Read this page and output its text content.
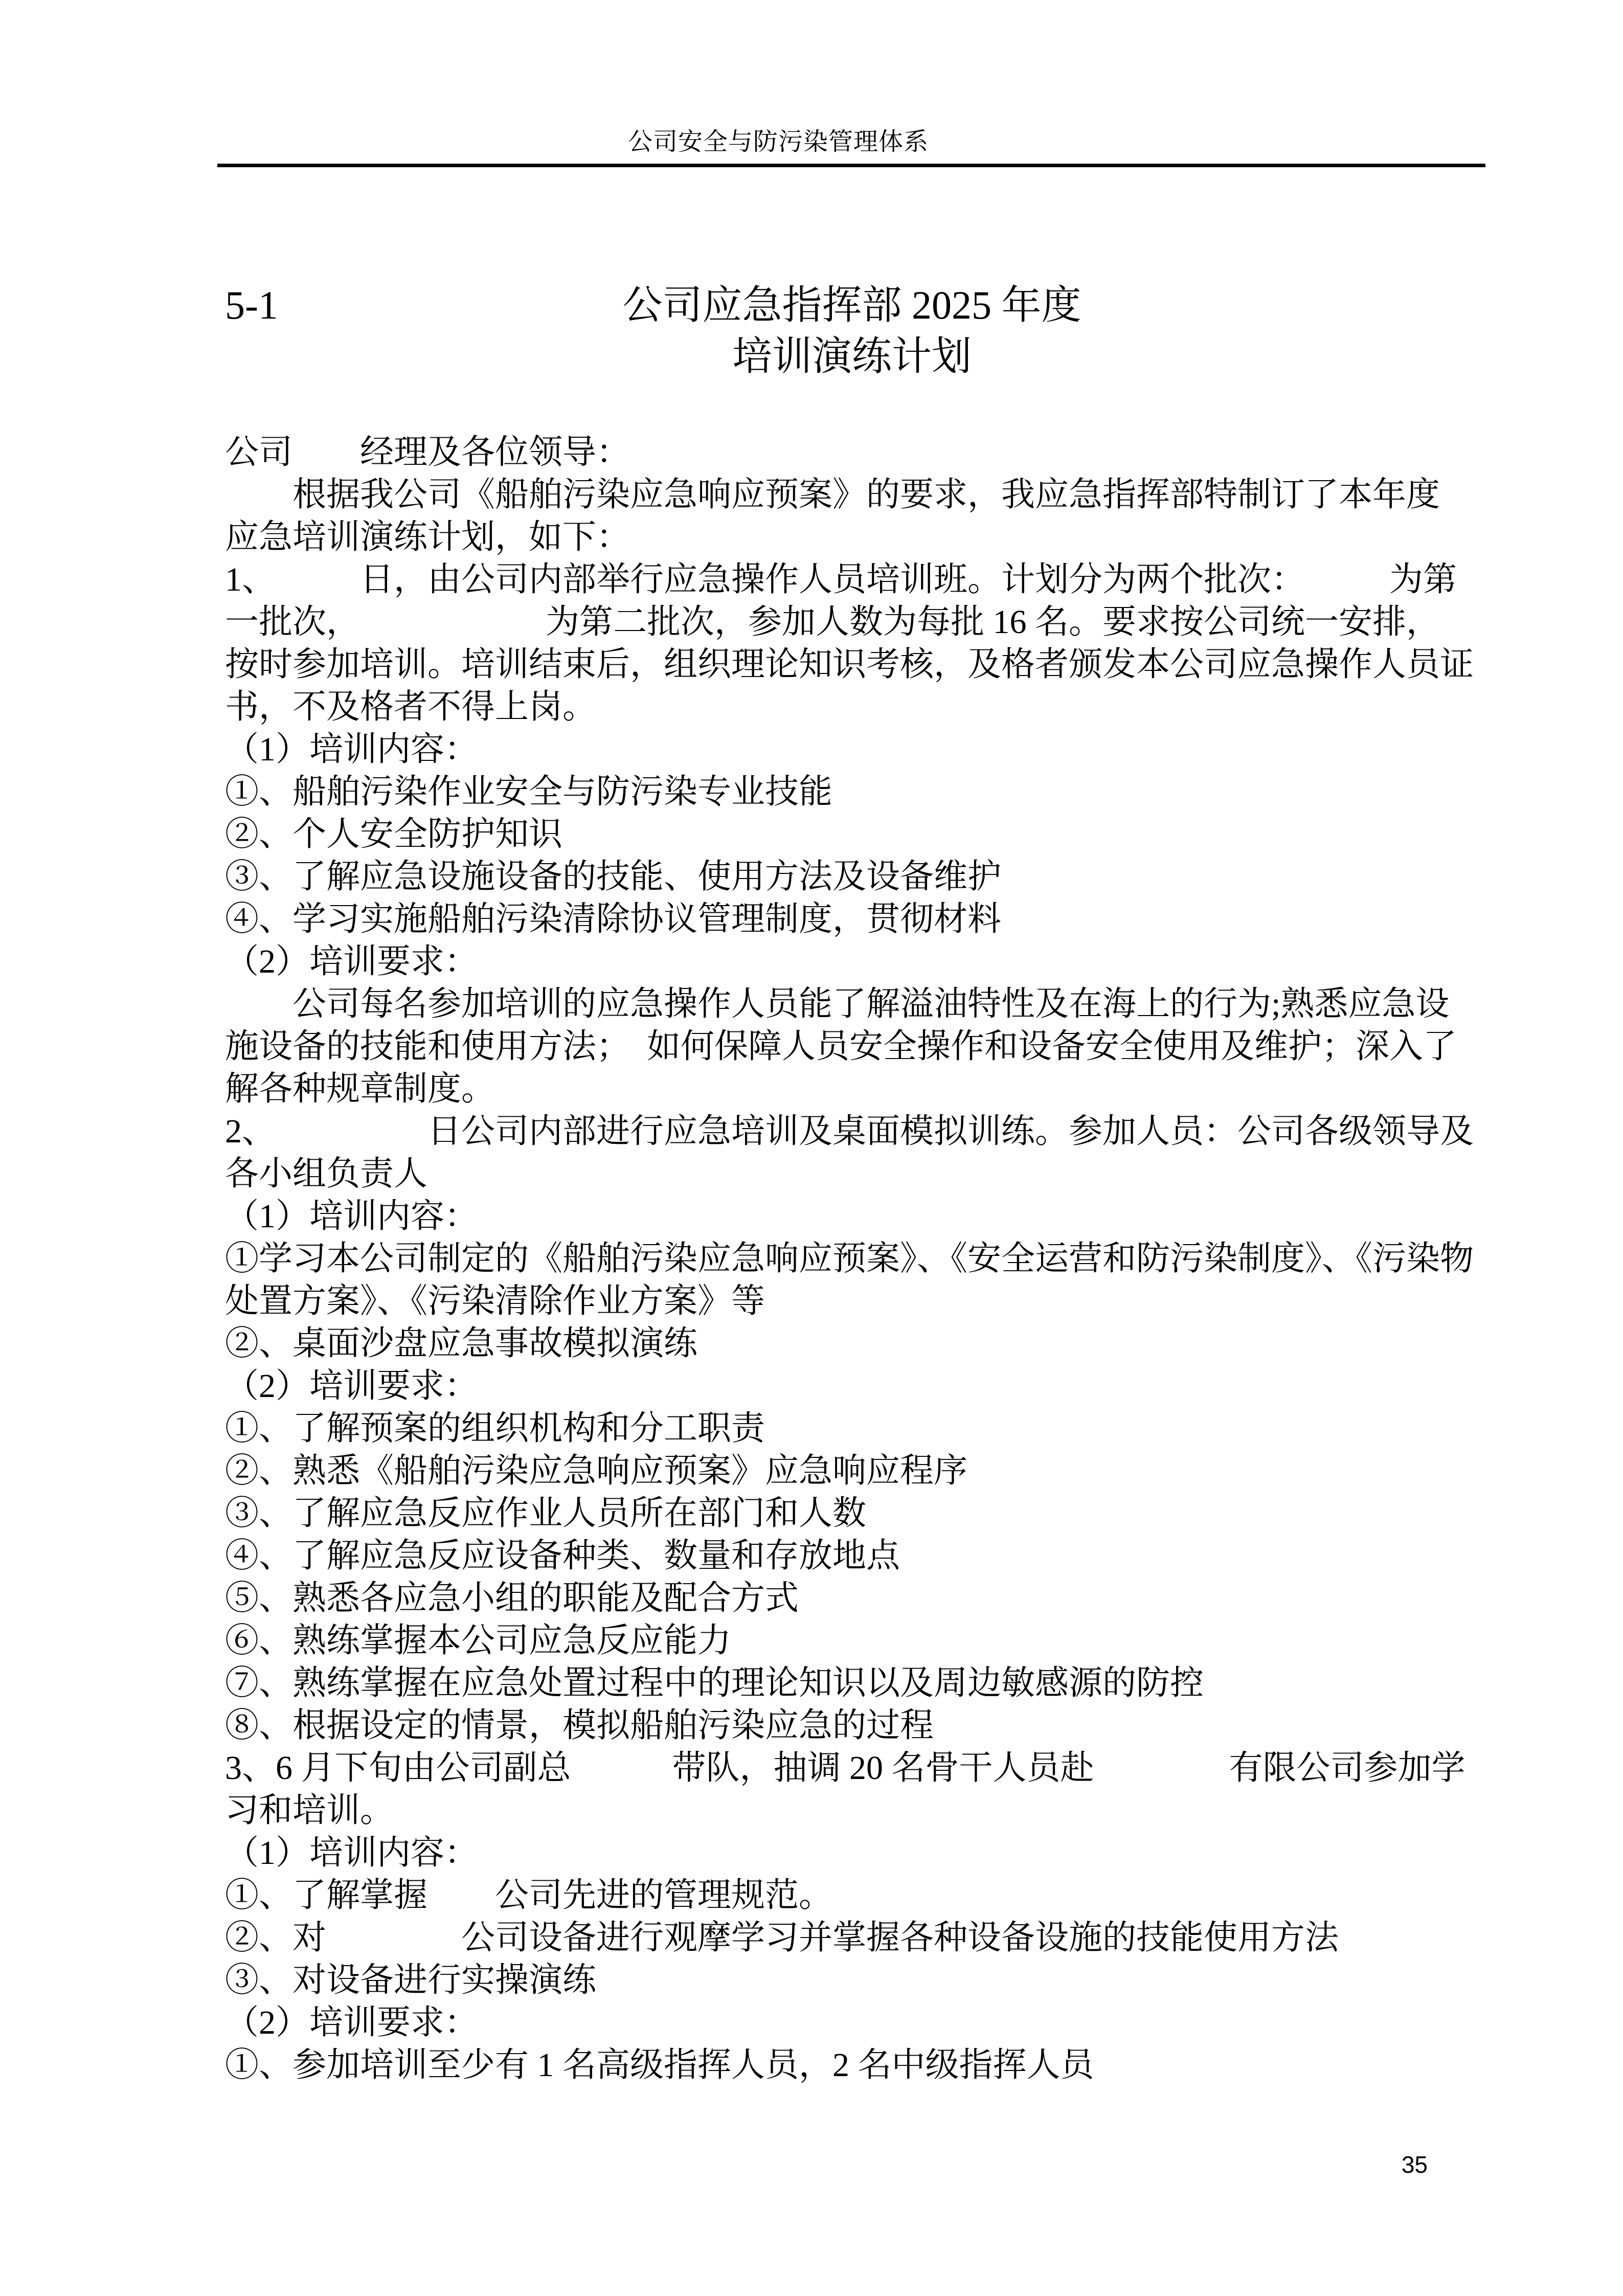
公司安全与防污染管理体系
5-1	公司应急指挥部 2025 年度
培训演练计划
公司　　经理及各位领导：
　　根据我公司《船舶污染应急响应预案》的要求，我应急指挥部特制订了本年度
应急培训演练计划，如下：
1、　　　日，由公司内部举行应急操作人员培训班。计划分为两个批次：　　　为第
一批次，　　　　　　为第二批次，参加人数为每批 16 名。要求按公司统一安排，
按时参加培训。培训结束后，组织理论知识考核，及格者颁发本公司应急操作人员证
书，不及格者不得上岗。
（1）培训内容：
①、船舶污染作业安全与防污染专业技能
②、个人安全防护知识
③、了解应急设施设备的技能、使用方法及设备维护
④、学习实施船舶污染清除协议管理制度，贯彻材料
（2）培训要求：
　　公司每名参加培训的应急操作人员能了解溢油特性及在海上的行为;熟悉应急设
施设备的技能和使用方法；　如何保障人员安全操作和设备安全使用及维护；深入了
解各种规章制度。
2、　　　　　日公司内部进行应急培训及桌面模拟训练。参加人员：公司各级领导及
各小组负责人
（1）培训内容：
①学习本公司制定的《船舶污染应急响应预案》、《安全运营和防污染制度》、《污染物
处置方案》、《污染清除作业方案》等
②、桌面沙盘应急事故模拟演练
（2）培训要求：
①、了解预案的组织机构和分工职责
②、熟悉《船舶污染应急响应预案》应急响应程序
③、了解应急反应作业人员所在部门和人数
④、了解应急反应设备种类、数量和存放地点
⑤、熟悉各应急小组的职能及配合方式
⑥、熟练掌握本公司应急反应能力
⑦、熟练掌握在应急处置过程中的理论知识以及周边敏感源的防控
⑧、根据设定的情景，模拟船舶污染应急的过程
3、6 月下旬由公司副总　　　带队，抽调 20 名骨干人员赴　　　　有限公司参加学
习和培训。
（1）培训内容：
①、了解掌握　　公司先进的管理规范。
②、对　　　　公司设备进行观摩学习并掌握各种设备设施的技能使用方法
③、对设备进行实操演练
（2）培训要求：
①、参加培训至少有 1 名高级指挥人员，2 名中级指挥人员
35
